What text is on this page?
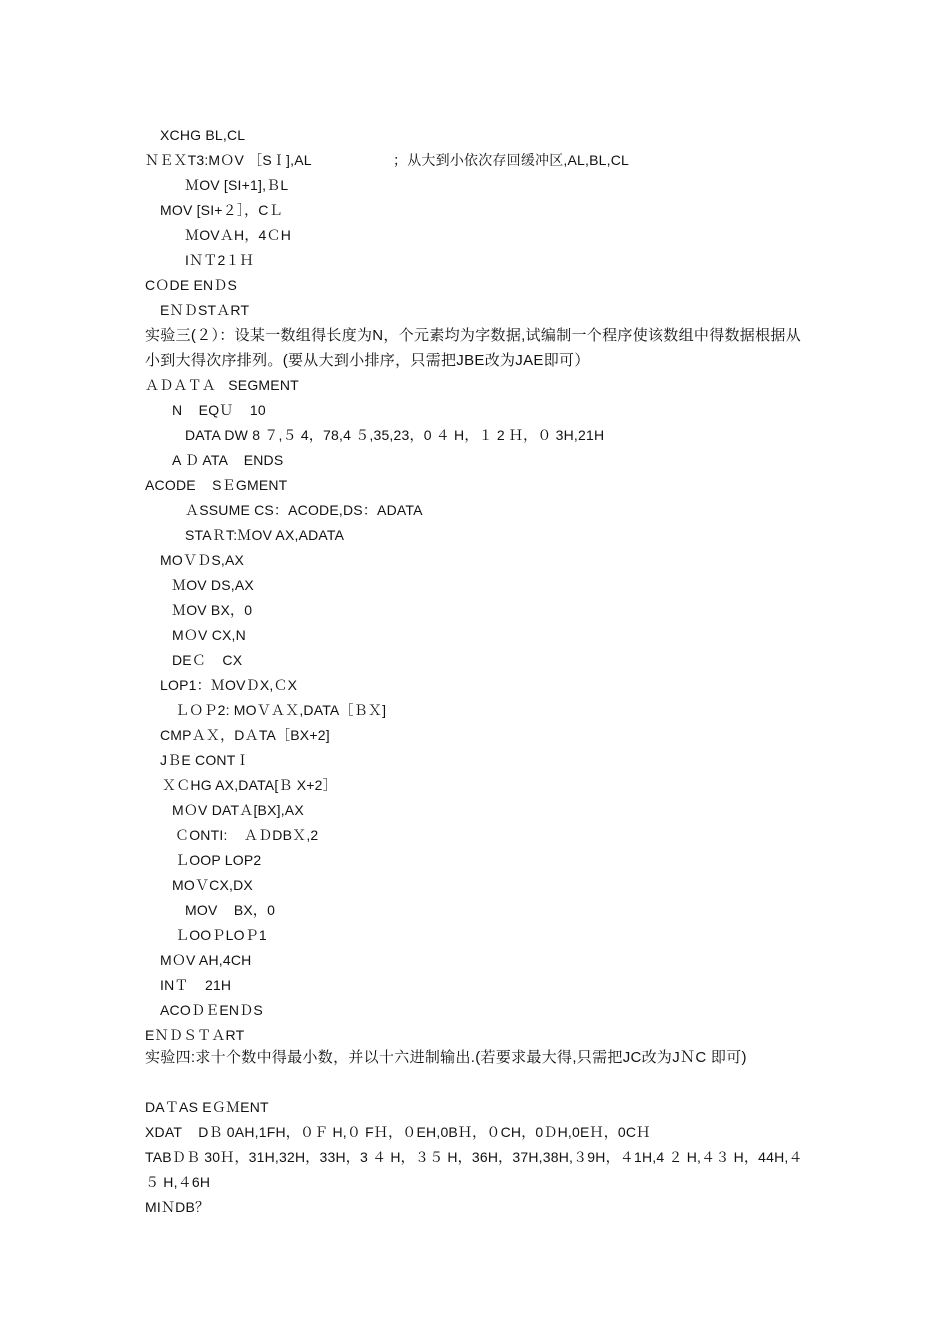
XCHG BL,CL
ＮＥＸT3:MＯV ［SＩ],AL                    ；从大到小依次存回缓冲区,AL,BL,CL
ＭOV [SI+1],ＢL
MOV [SI+２］，CＬ
ＭOVＡH，4ＣH
IＮＴ2１Ｈ
CＯDE ENＤS
EＮＤSTＡRT
实验三(２）：设某一数组得长度为N，个元素均为字数据,试编制一个程序使该数组中得数据根据从小到大得次序排列。(要从大到小排序，只需把JBE改为JAE即可）
ＡＤＡＴＡ   SEGMENT
N    EQＵ    10
DATA DW 8 ７,５ 4，78,4 ５,35,23，0 ４ H，１ 2 Ｈ，０ 3H,21H
A Ｄ ATA    ENDS
ACODE    SＥGMENT
ＡSSUME CS：ACODE,DS：ADATA
STAＲT:ＭOV AX,ADATA
MOＶＤS,AX
ＭOV DS,AX
ＭOV BX，0
MＯV CX,N
DEＣ    CX
LOP1：ＭOVＤX,ＣX
ＬＯＰ2: MOＶＡＸ,DATA［ＢＸ]
CMPＡＸ，DＡTA［BX+2]
JＢE CONTＩ
ＸＣHG AX,DATA[Ｂ X+2］
MＯV DATＡ[BX],AX
ＣONTI:    ＡＤDBＸ,2
ＬOOP LOP2
MOＶCX,DX
MOV    BX，0
ＬOOＰLOＰ1
MＯV AH,4CH
INＴ    21H
ACOＤＥENＤS
EＮＤＳＴＡRT
实验四:求十个数中得最小数，并以十六进制输出.(若要求最大得,只需把JC改为JＮC 即可)
DAＴAS EＧＭENT
XDAT    DＢ 0AH,1FH，０Ｆ H,０ FＨ，０EH,0BＨ，０CH，0ＤH,0EＨ，0CＨ
TABＤＢ 30Ｈ，31H,32H，33H，3 ４ H，３５ H，36H，37H,38H,３9H，４1H,4 ２ H,４３ H，44H,４５ H,４6H
MIＮDB？
